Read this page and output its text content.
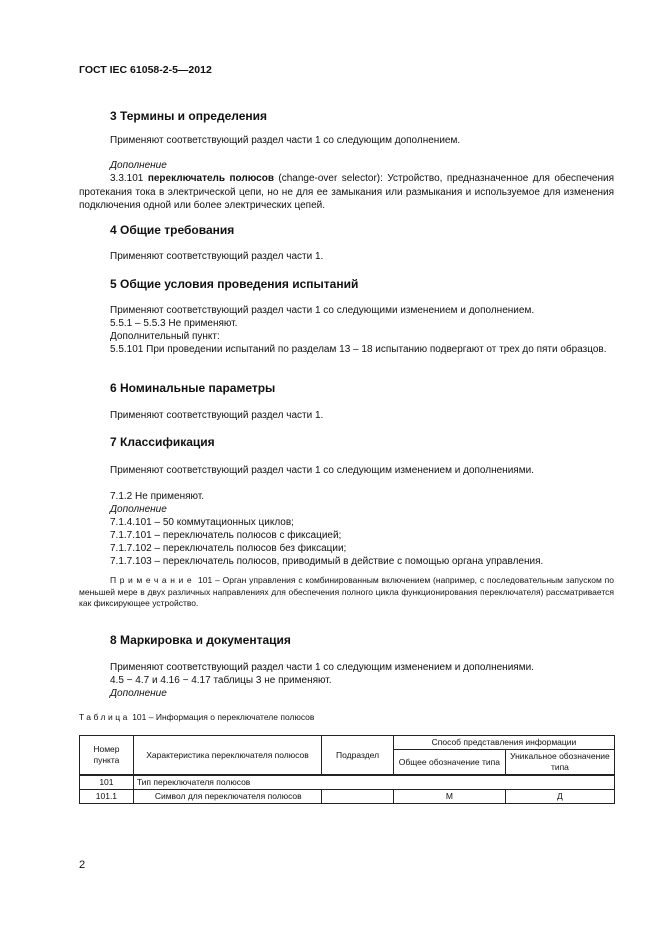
ГОСТ IEC 61058-2-5—2012
3 Термины и определения
Применяют соответствующий раздел части 1 со следующим дополнением.
Дополнение
3.3.101 переключатель полюсов (change-over selector): Устройство, предназначенное для обеспечения протекания тока в электрической цепи, но не для ее замыкания или размыкания и используемое для изменения подключения одной или более электрических цепей.
4 Общие требования
Применяют соответствующий раздел части 1.
5 Общие условия проведения испытаний
Применяют соответствующий раздел части 1 со следующими изменением и дополнением.
5.5.1 – 5.5.3 Не применяют.
Дополнительный пункт:
5.5.101 При проведении испытаний по разделам 13 – 18 испытанию подвергают от трех до пяти образцов.
6 Номинальные параметры
Применяют соответствующий раздел части 1.
7 Классификация
Применяют соответствующий раздел части 1 со следующим изменением и дополнениями.
7.1.2 Не применяют.
Дополнение
7.1.4.101 – 50 коммутационных циклов;
7.1.7.101 – переключатель полюсов с фиксацией;
7.1.7.102 – переключатель полюсов без фиксации;
7.1.7.103 – переключатель полюсов, приводимый в действие с помощью органа управления.
Примечание 101 – Орган управления с комбинированным включением (например, с последовательным запуском по меньшей мере в двух различных направлениях для обеспечения полного цикла функционирования переключателя) рассматривается как фиксирующее устройство.
8 Маркировка и документация
Применяют соответствующий раздел части 1 со следующим изменением и дополнениями.
4.5 − 4.7 и 4.16 − 4.17 таблицы 3 не применяют.
Дополнение
Таблица 101 – Информация о переключателе полюсов
Номер пункта	Характеристика переключателя полюсов	Подраздел	Способ представления информации	
			Общее обозначение типа	Уникальное обозначение типа
101	Тип переключателя полюсов			
101.1	Символ для переключателя полюсов		М	Д
2
